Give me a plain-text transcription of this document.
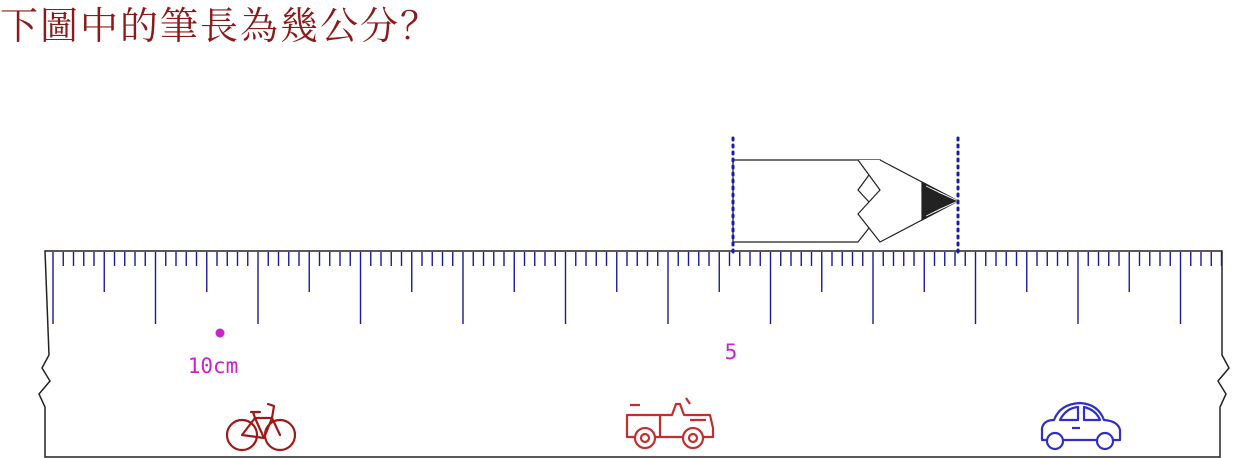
下圖中的筆長為幾公分？
10cm
5
